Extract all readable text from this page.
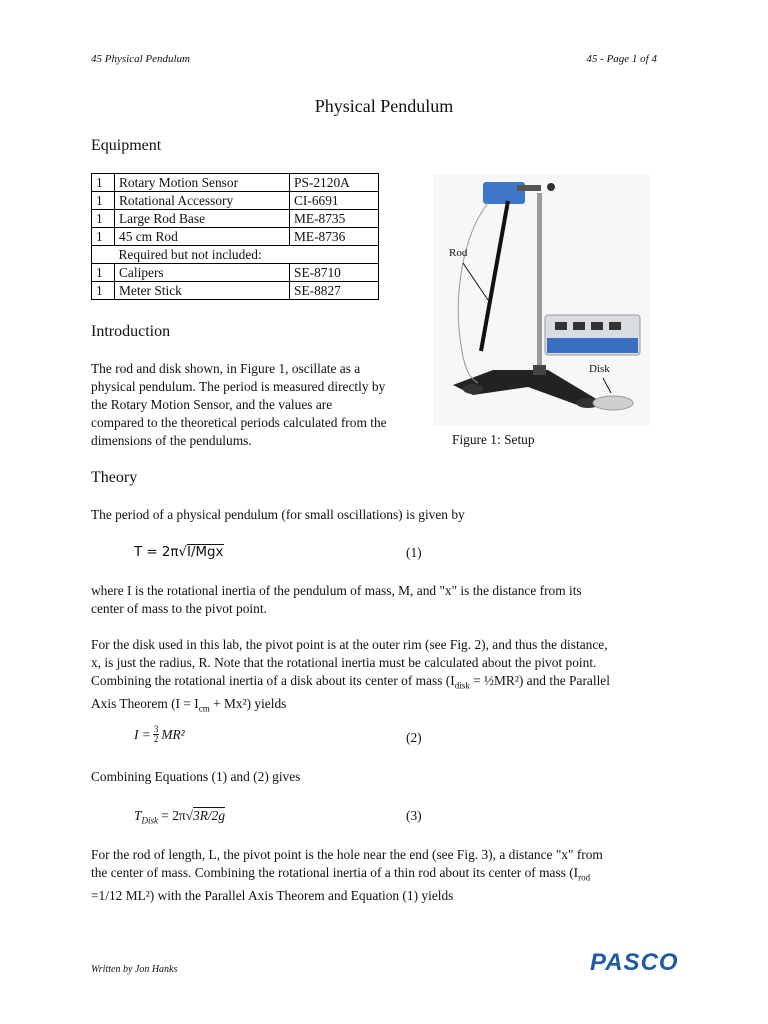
45 Physical Pendulum	45 - Page 1 of 4
Physical Pendulum
Equipment
1	Rotary Motion Sensor	PS-2120A
1	Rotational Accessory	CI-6691
1	Large Rod Base	ME-8735
1	45 cm Rod	ME-8736
	Required but not included:	
1	Calipers	SE-8710
1	Meter Stick	SE-8827
Rod
Disk
Figure 1: Setup
Introduction
The rod and disk shown, in Figure 1, oscillate as a
physical pendulum. The period is measured directly by
the Rotary Motion Sensor, and the values are
compared to the theoretical periods calculated from the
dimensions of the pendulums.
Theory
The period of a physical pendulum (for small oscillations) is given by
T = 2π√I/Mgx	(1)
where I is the rotational inertia of the pendulum of mass, M, and "x" is the distance from its
center of mass to the pivot point.
For the disk used in this lab, the pivot point is at the outer rim (see Fig. 2), and thus the distance,
x, is just the radius, R. Note that the rotational inertia must be calculated about the pivot point.
Combining the rotational inertia of a disk about its center of mass ($I_{disk}$ = ½MR²) and the Parallel
Axis Theorem $(I = I_{cm} + Mx^2)$ yields
$I = \frac{3}{2} MR^2$	(2)
Combining Equations (1) and (2) gives
$T_{Disk} = 2\pi√3R/2g$	(3)
For the rod of length, L, the pivot point is the hole near the end (see Fig. 3), a distance "x" from
the center of mass. Combining the rotational inertia of a thin rod about its center of mass ($I_{rod}$
=1/12 ML²) with the Parallel Axis Theorem and Equation (1) yields
Written by Jon Hanks	PASCO
